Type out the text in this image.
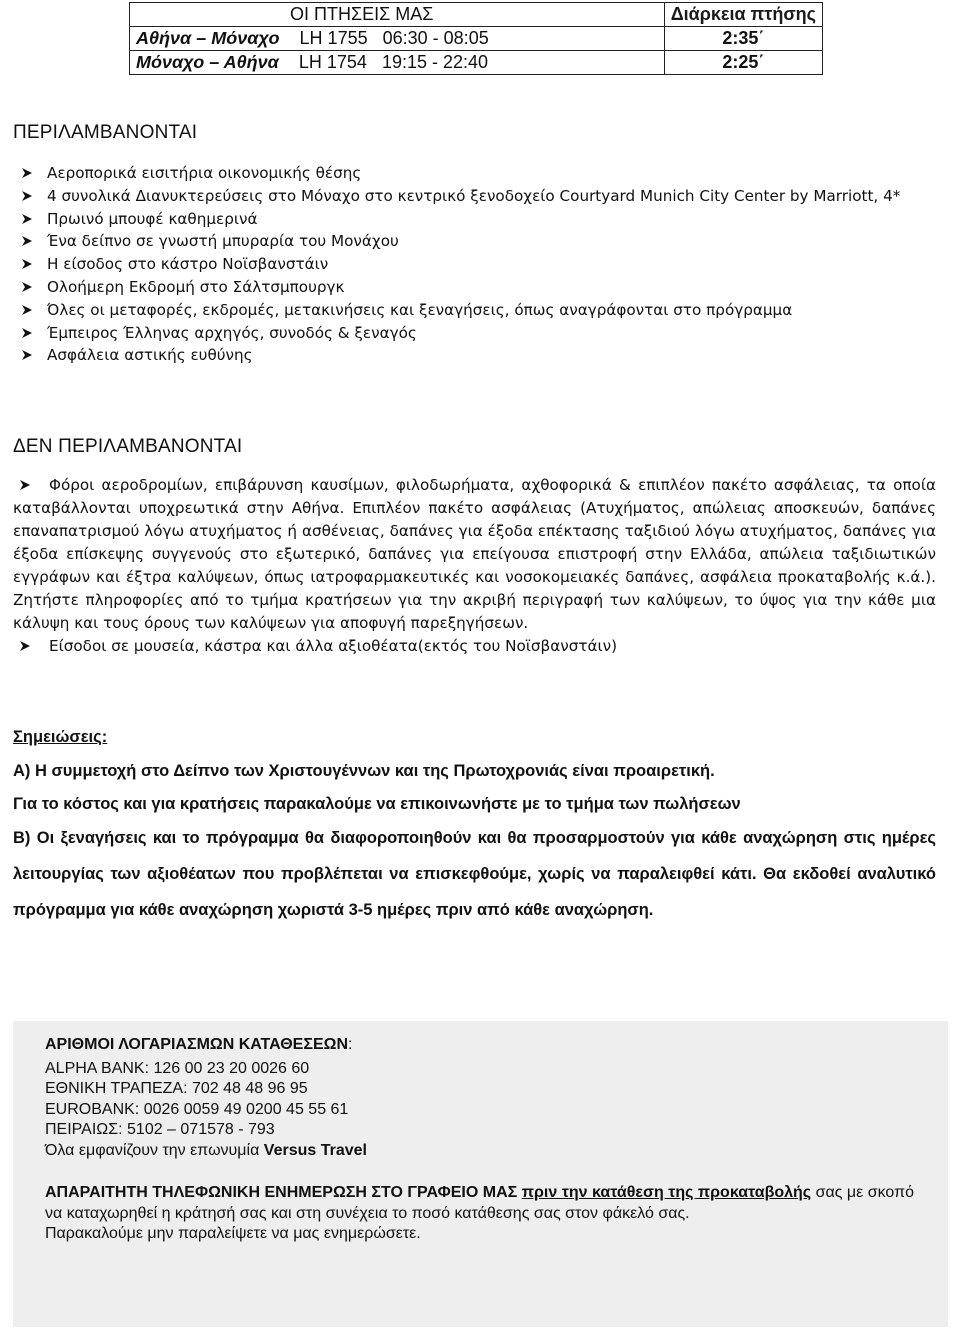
ΟΙ ΠΤΗΣΕΙΣ ΜΑΣ	Διάρκεια πτήσης
Αθήνα – Μόναχο LH 1755 06:30 - 08:05	2:35΄
Μόναχο – Αθήνα LH 1754 19:15 - 22:40	2:25΄
ΠΕΡΙΛΑΜΒΑΝΟΝΤΑΙ
Αεροπορικά εισιτήρια οικονομικής θέσης
4 συνολικά Διανυκτερεύσεις στο Μόναχο στο κεντρικό ξενοδοχείο Courtyard Munich City Center by Marriott, 4*
Πρωινό μπουφέ καθημερινά
Ένα δείπνο σε γνωστή μπυραρία του Μονάχου
Η είσοδος στο κάστρο Νοϊσβανστάιν
Ολοήμερη Εκδρομή στο Σάλτσμπουργκ
Όλες οι μεταφορές, εκδρομές, μετακινήσεις και ξεναγήσεις, όπως αναγράφονται στο πρόγραμμα
Έμπειρος Έλληνας αρχηγός, συνοδός & ξεναγός
Ασφάλεια αστικής ευθύνης
ΔΕΝ ΠΕΡΙΛΑΜΒΑΝΟΝΤΑΙ
Φόροι αεροδρομίων, επιβάρυνση καυσίμων, φιλοδωρήματα, αχθοφορικά & επιπλέον πακέτο ασφάλειας, τα οποία καταβάλλονται υποχρεωτικά στην Αθήνα. Επιπλέον πακέτο ασφάλειας (Ατυχήματος, απώλειας αποσκευών, δαπάνες επαναπατρισμού λόγω ατυχήματος ή ασθένειας, δαπάνες για έξοδα επέκτασης ταξιδιού λόγω ατυχήματος, δαπάνες για έξοδα επίσκεψης συγγενούς στο εξωτερικό, δαπάνες για επείγουσα επιστροφή στην Ελλάδα, απώλεια ταξιδιωτικών εγγράφων και έξτρα καλύψεων, όπως ιατροφαρμακευτικές και νοσοκομειακές δαπάνες, ασφάλεια προκαταβολής κ.ά.). Ζητήστε πληροφορίες από το τμήμα κρατήσεων για την ακριβή περιγραφή των καλύψεων, το ύψος για την κάθε μια κάλυψη και τους όρους των καλύψεων για αποφυγή παρεξηγήσεων.
Είσοδοι σε μουσεία, κάστρα και άλλα αξιοθέατα(εκτός του Νοϊσβανστάιν)

Σημειώσεις:

Α) Η συμμετοχή στο Δείπνο των Χριστουγέννων και της Πρωτοχρονιάς είναι προαιρετική.

Για το κόστος και για κρατήσεις παρακαλούμε να επικοινωνήστε με το τμήμα των πωλήσεων

Β) Οι ξεναγήσεις και το πρόγραμμα θα διαφοροποιηθούν και θα προσαρμοστούν για κάθε αναχώρηση στις ημέρες λειτουργίας των αξιοθέατων που προβλέπεται να επισκεφθούμε, χωρίς να παραλειφθεί κάτι. Θα εκδοθεί αναλυτικό πρόγραμμα για κάθε αναχώρηση χωριστά 3-5 ημέρες πριν από κάθε αναχώρηση.

ΑΡΙΘΜΟΙ ΛΟΓΑΡΙΑΣΜΩΝ ΚΑΤΑΘΕΣΕΩΝ:

ALPHA BANK: 126 00 23 20 0026 60

ΕΘΝΙΚΗ ΤΡΑΠΕΖΑ: 702 48 48 96 95

EUROBANK: 0026 0059 49 0200 45 55 61

ΠΕΙΡΑΙΩΣ: 5102 – 071578 - 793

Όλα εμφανίζουν την επωνυμία Versus Travel

ΑΠΑΡΑΙΤΗΤΗ ΤΗΛΕΦΩΝΙΚΗ ΕΝΗΜΕΡΩΣΗ ΣΤΟ ΓΡΑΦΕΙΟ ΜΑΣ πριν την κατάθεση της προκαταβολής σας με σκοπό να καταχωρηθεί η κράτησή σας και στη συνέχεια το ποσό κατάθεσης σας στον φάκελό σας.

Παρακαλούμε μην παραλείψετε να μας ενημερώσετε.
